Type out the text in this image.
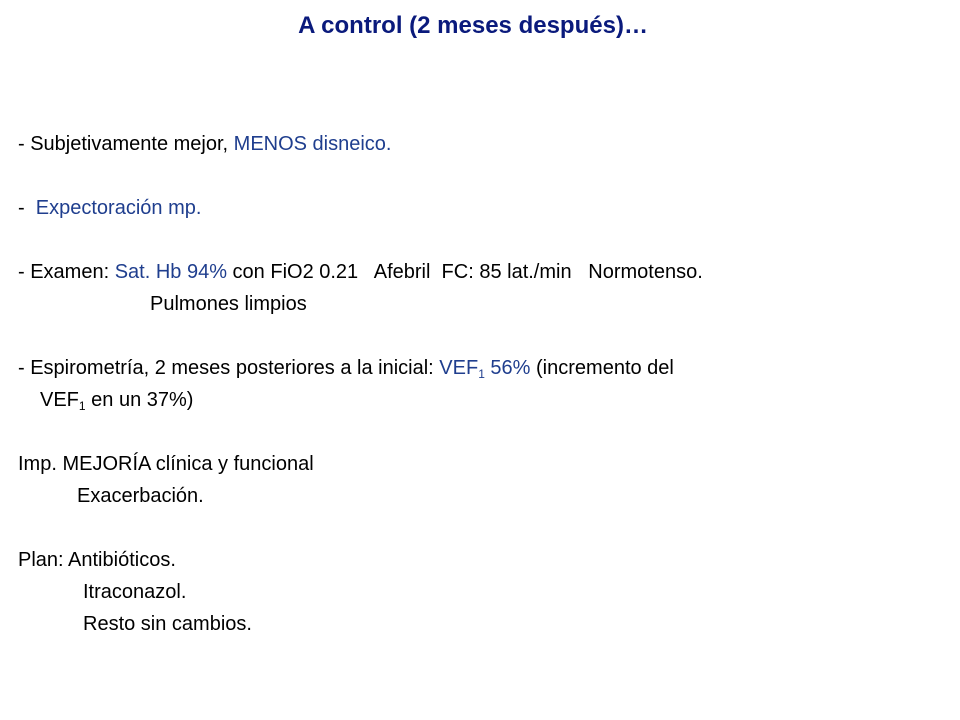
A control (2 meses después)…
- Subjetivamente mejor, MENOS disneico.
-  Expectoración mp.
- Examen: Sat. Hb 94% con FiO2 0.21   Afebril  FC: 85 lat./min   Normotenso.
Pulmones limpios
- Espirometría, 2 meses posteriores a la inicial: $VEF_1$ 56% (incremento del
$VEF_1$ en un 37%)
Imp. MEJORÍA clínica y funcional
Exacerbación.
Plan: Antibióticos.
Itraconazol.
Resto sin cambios.
